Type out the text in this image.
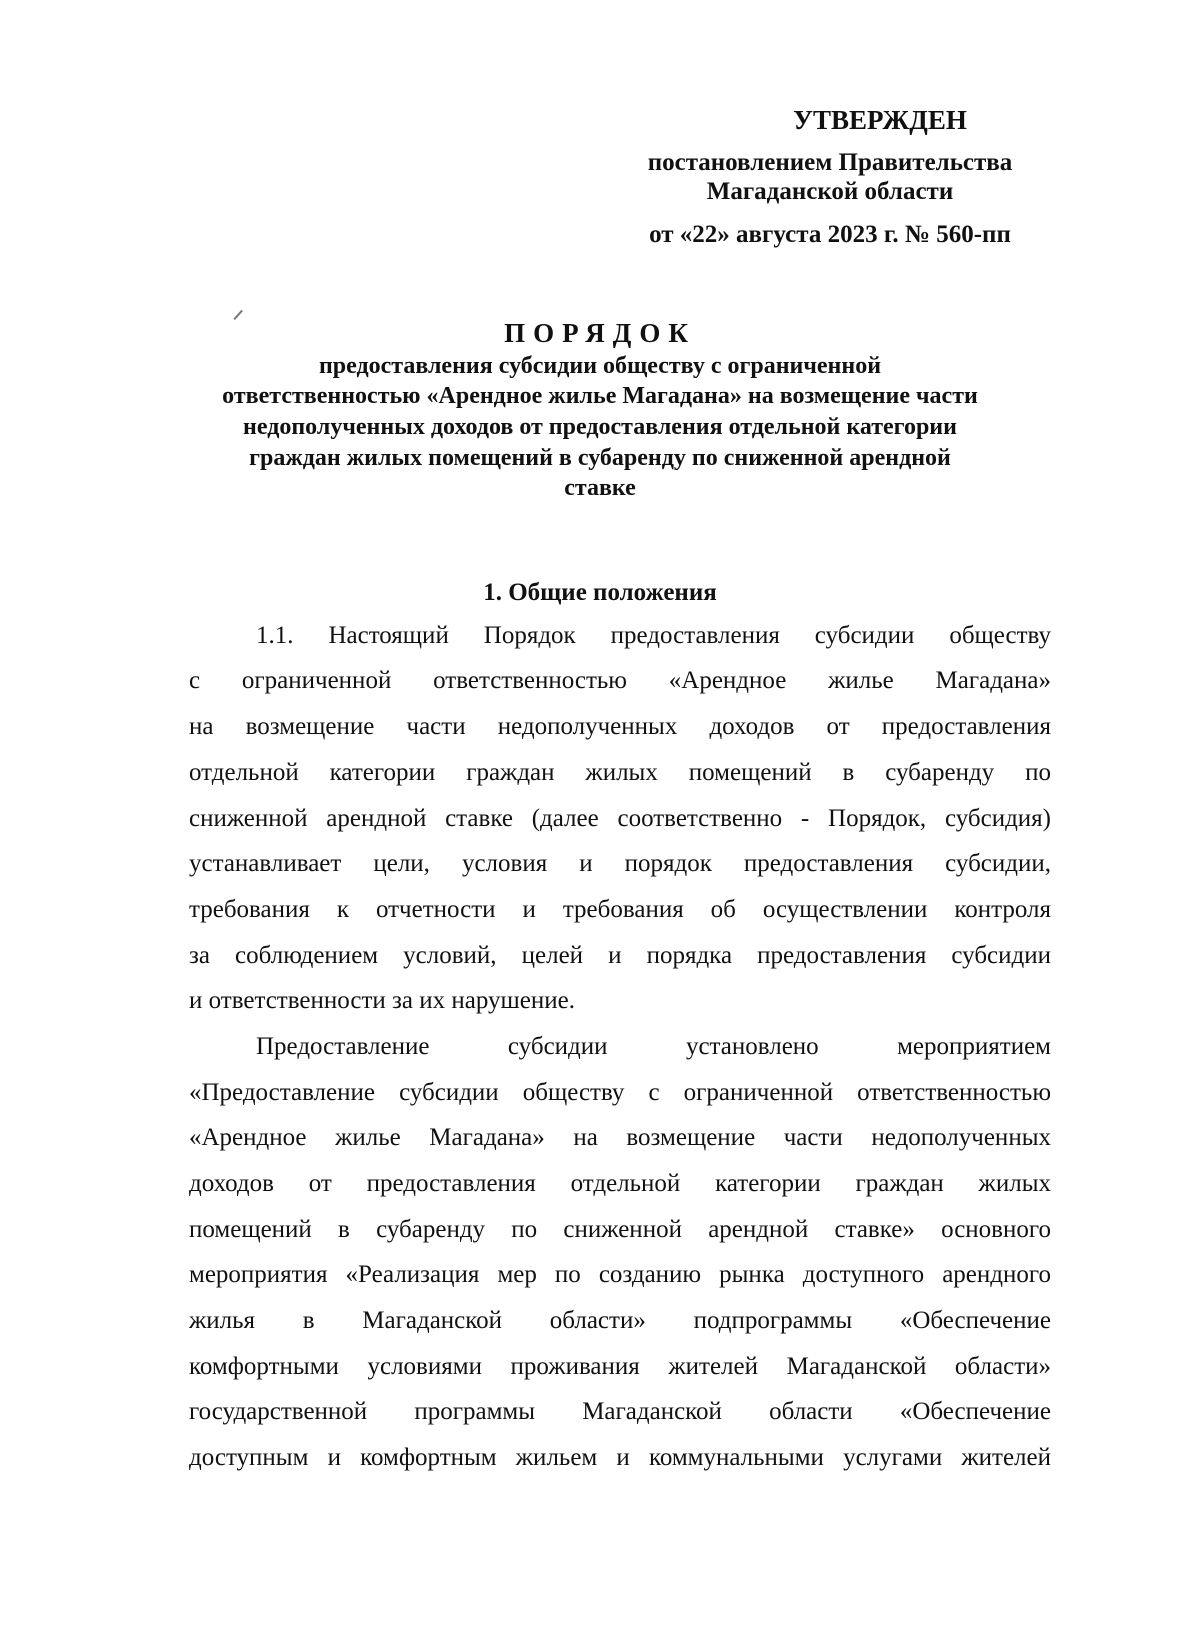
УТВЕРЖДЕН
постановлением Правительства
Магаданской области
от «22» августа 2023 г. № 560-пп
ПОРЯДОК
предоставления субсидии обществу с ограниченной
ответственностью «Арендное жилье Магадана» на возмещение части
недополученных доходов от предоставления отдельной категории
граждан жилых помещений в субаренду по сниженной арендной
ставке
1. Общие положения
1.1. Настоящий Порядок предоставления субсидии обществу
с ограниченной ответственностью «Арендное жилье Магадана»
на возмещение части недополученных доходов от предоставления
отдельной категории граждан жилых помещений в субаренду по
сниженной арендной ставке (далее соответственно - Порядок, субсидия)
устанавливает цели, условия и порядок предоставления субсидии,
требования к отчетности и требования об осуществлении контроля
за соблюдением условий, целей и порядка предоставления субсидии
и ответственности за их нарушение.
Предоставление субсидии установлено мероприятием
«Предоставление субсидии обществу с ограниченной ответственностью
«Арендное жилье Магадана» на возмещение части недополученных
доходов от предоставления отдельной категории граждан жилых
помещений в субаренду по сниженной арендной ставке» основного
мероприятия «Реализация мер по созданию рынка доступного арендного
жилья в Магаданской области» подпрограммы «Обеспечение
комфортными условиями проживания жителей Магаданской области»
государственной программы Магаданской области «Обеспечение
доступным и комфортным жильем и коммунальными услугами жителей
